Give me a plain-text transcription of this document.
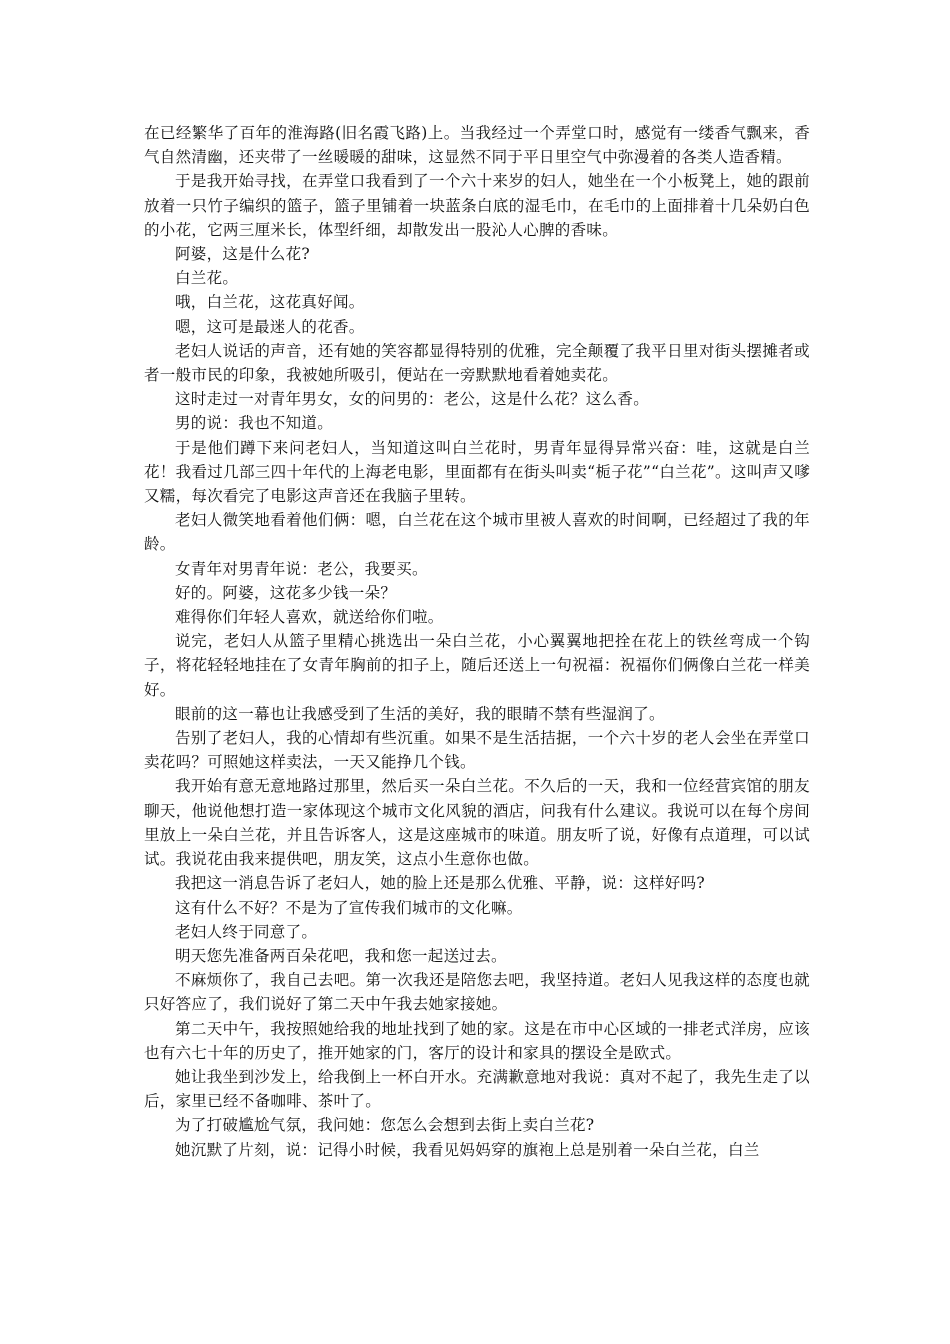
在已经繁华了百年的淮海路(旧名霞飞路)上。当我经过一个弄堂口时，感觉有一缕香气飘来，香气自然清幽，还夹带了一丝暖暖的甜味，这显然不同于平日里空气中弥漫着的各类人造香精。

于是我开始寻找，在弄堂口我看到了一个六十来岁的妇人，她坐在一个小板凳上，她的跟前放着一只竹子编织的篮子，篮子里铺着一块蓝条白底的湿毛巾，在毛巾的上面排着十几朵奶白色的小花，它两三厘米长，体型纤细，却散发出一股沁人心脾的香味。

阿婆，这是什么花?

白兰花。

哦，白兰花，这花真好闻。

嗯，这可是最迷人的花香。

老妇人说话的声音，还有她的笑容都显得特别的优雅，完全颠覆了我平日里对街头摆摊者或者一般市民的印象，我被她所吸引，便站在一旁默默地看着她卖花。

这时走过一对青年男女，女的问男的：老公，这是什么花？这么香。

男的说：我也不知道。

于是他们蹲下来问老妇人，当知道这叫白兰花时，男青年显得异常兴奋：哇，这就是白兰花！我看过几部三四十年代的上海老电影，里面都有在街头叫卖“栀子花”“白兰花”。这叫声又嗲又糯，每次看完了电影这声音还在我脑子里转。

老妇人微笑地看着他们俩：嗯，白兰花在这个城市里被人喜欢的时间啊，已经超过了我的年龄。

女青年对男青年说：老公，我要买。

好的。阿婆，这花多少钱一朵？

难得你们年轻人喜欢，就送给你们啦。

说完，老妇人从篮子里精心挑选出一朵白兰花，小心翼翼地把拴在花上的铁丝弯成一个钩子，将花轻轻地挂在了女青年胸前的扣子上，随后还送上一句祝福：祝福你们俩像白兰花一样美好。

眼前的这一幕也让我感受到了生活的美好，我的眼睛不禁有些湿润了。

告别了老妇人，我的心情却有些沉重。如果不是生活拮据，一个六十岁的老人会坐在弄堂口卖花吗？可照她这样卖法，一天又能挣几个钱。

我开始有意无意地路过那里，然后买一朵白兰花。不久后的一天，我和一位经营宾馆的朋友聊天，他说他想打造一家体现这个城市文化风貌的酒店，问我有什么建议。我说可以在每个房间里放上一朵白兰花，并且告诉客人，这是这座城市的味道。朋友听了说，好像有点道理，可以试试。我说花由我来提供吧，朋友笑，这点小生意你也做。

我把这一消息告诉了老妇人，她的脸上还是那么优雅、平静，说：这样好吗?

这有什么不好？不是为了宣传我们城市的文化嘛。

老妇人终于同意了。

明天您先准备两百朵花吧，我和您一起送过去。

不麻烦你了，我自己去吧。第一次我还是陪您去吧，我坚持道。老妇人见我这样的态度也就只好答应了，我们说好了第二天中午我去她家接她。

第二天中午，我按照她给我的地址找到了她的家。这是在市中心区域的一排老式洋房，应该也有六七十年的历史了，推开她家的门，客厅的设计和家具的摆设全是欧式。

她让我坐到沙发上，给我倒上一杯白开水。充满歉意地对我说：真对不起了，我先生走了以后，家里已经不备咖啡、茶叶了。

为了打破尴尬气氛，我问她：您怎么会想到去街上卖白兰花?

她沉默了片刻，说：记得小时候，我看见妈妈穿的旗袍上总是别着一朵白兰花，白兰
